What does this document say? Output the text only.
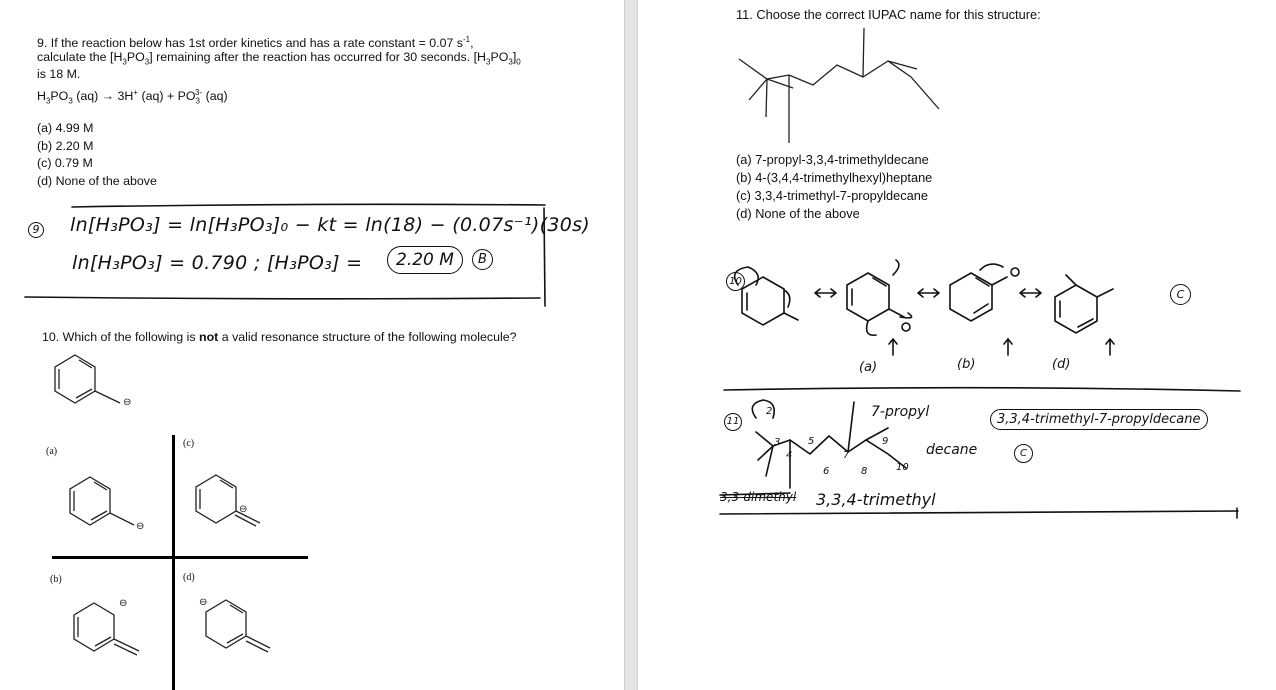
9. If the reaction below has 1st order kinetics and has a rate constant = 0.07 $s^{-1}$,
calculate the $[H_3PO_3]$ remaining after the reaction has occurred for 30 seconds. $[H_3PO_3]_0$
is 18 M.
$H_3PO_3$ (aq) → 3H+ $(aq) + PO_3^{3-}$ (aq)
(a) 4.99 M
(b) 2.20 M
(c) 0.79 M
(d) None of the above
9 ln[H₃PO₃] = ln[H₃PO₃]₀ − kt = ln(18) − (0.07s⁻¹)(30s)
ln[H₃PO₃] = 0.790 ; [H₃PO₃] =	2.20 M	B
10. Which of the following is not a valid resonance structure of the following molecule?
⊖
(a)
(c)
(b)	(d)
⊖
⊖
⊖	⊖
11. Choose the correct IUPAC name for this structure:
(a) 7-propyl-3,3,4-trimethyldecane
(b) 4-(3,4,4-trimethylhexyl)heptane
(c) 3,3,4-trimethyl-7-propyldecane
(d) None of the above
10
(a)	(b)	(d)
C
11
7-propyl
decane
3,3-dimethyl 3,3,4-trimethyl
3,3,4-trimethyl-7-propyldecane
C
2
3
4
5
6
7
8
9
10
